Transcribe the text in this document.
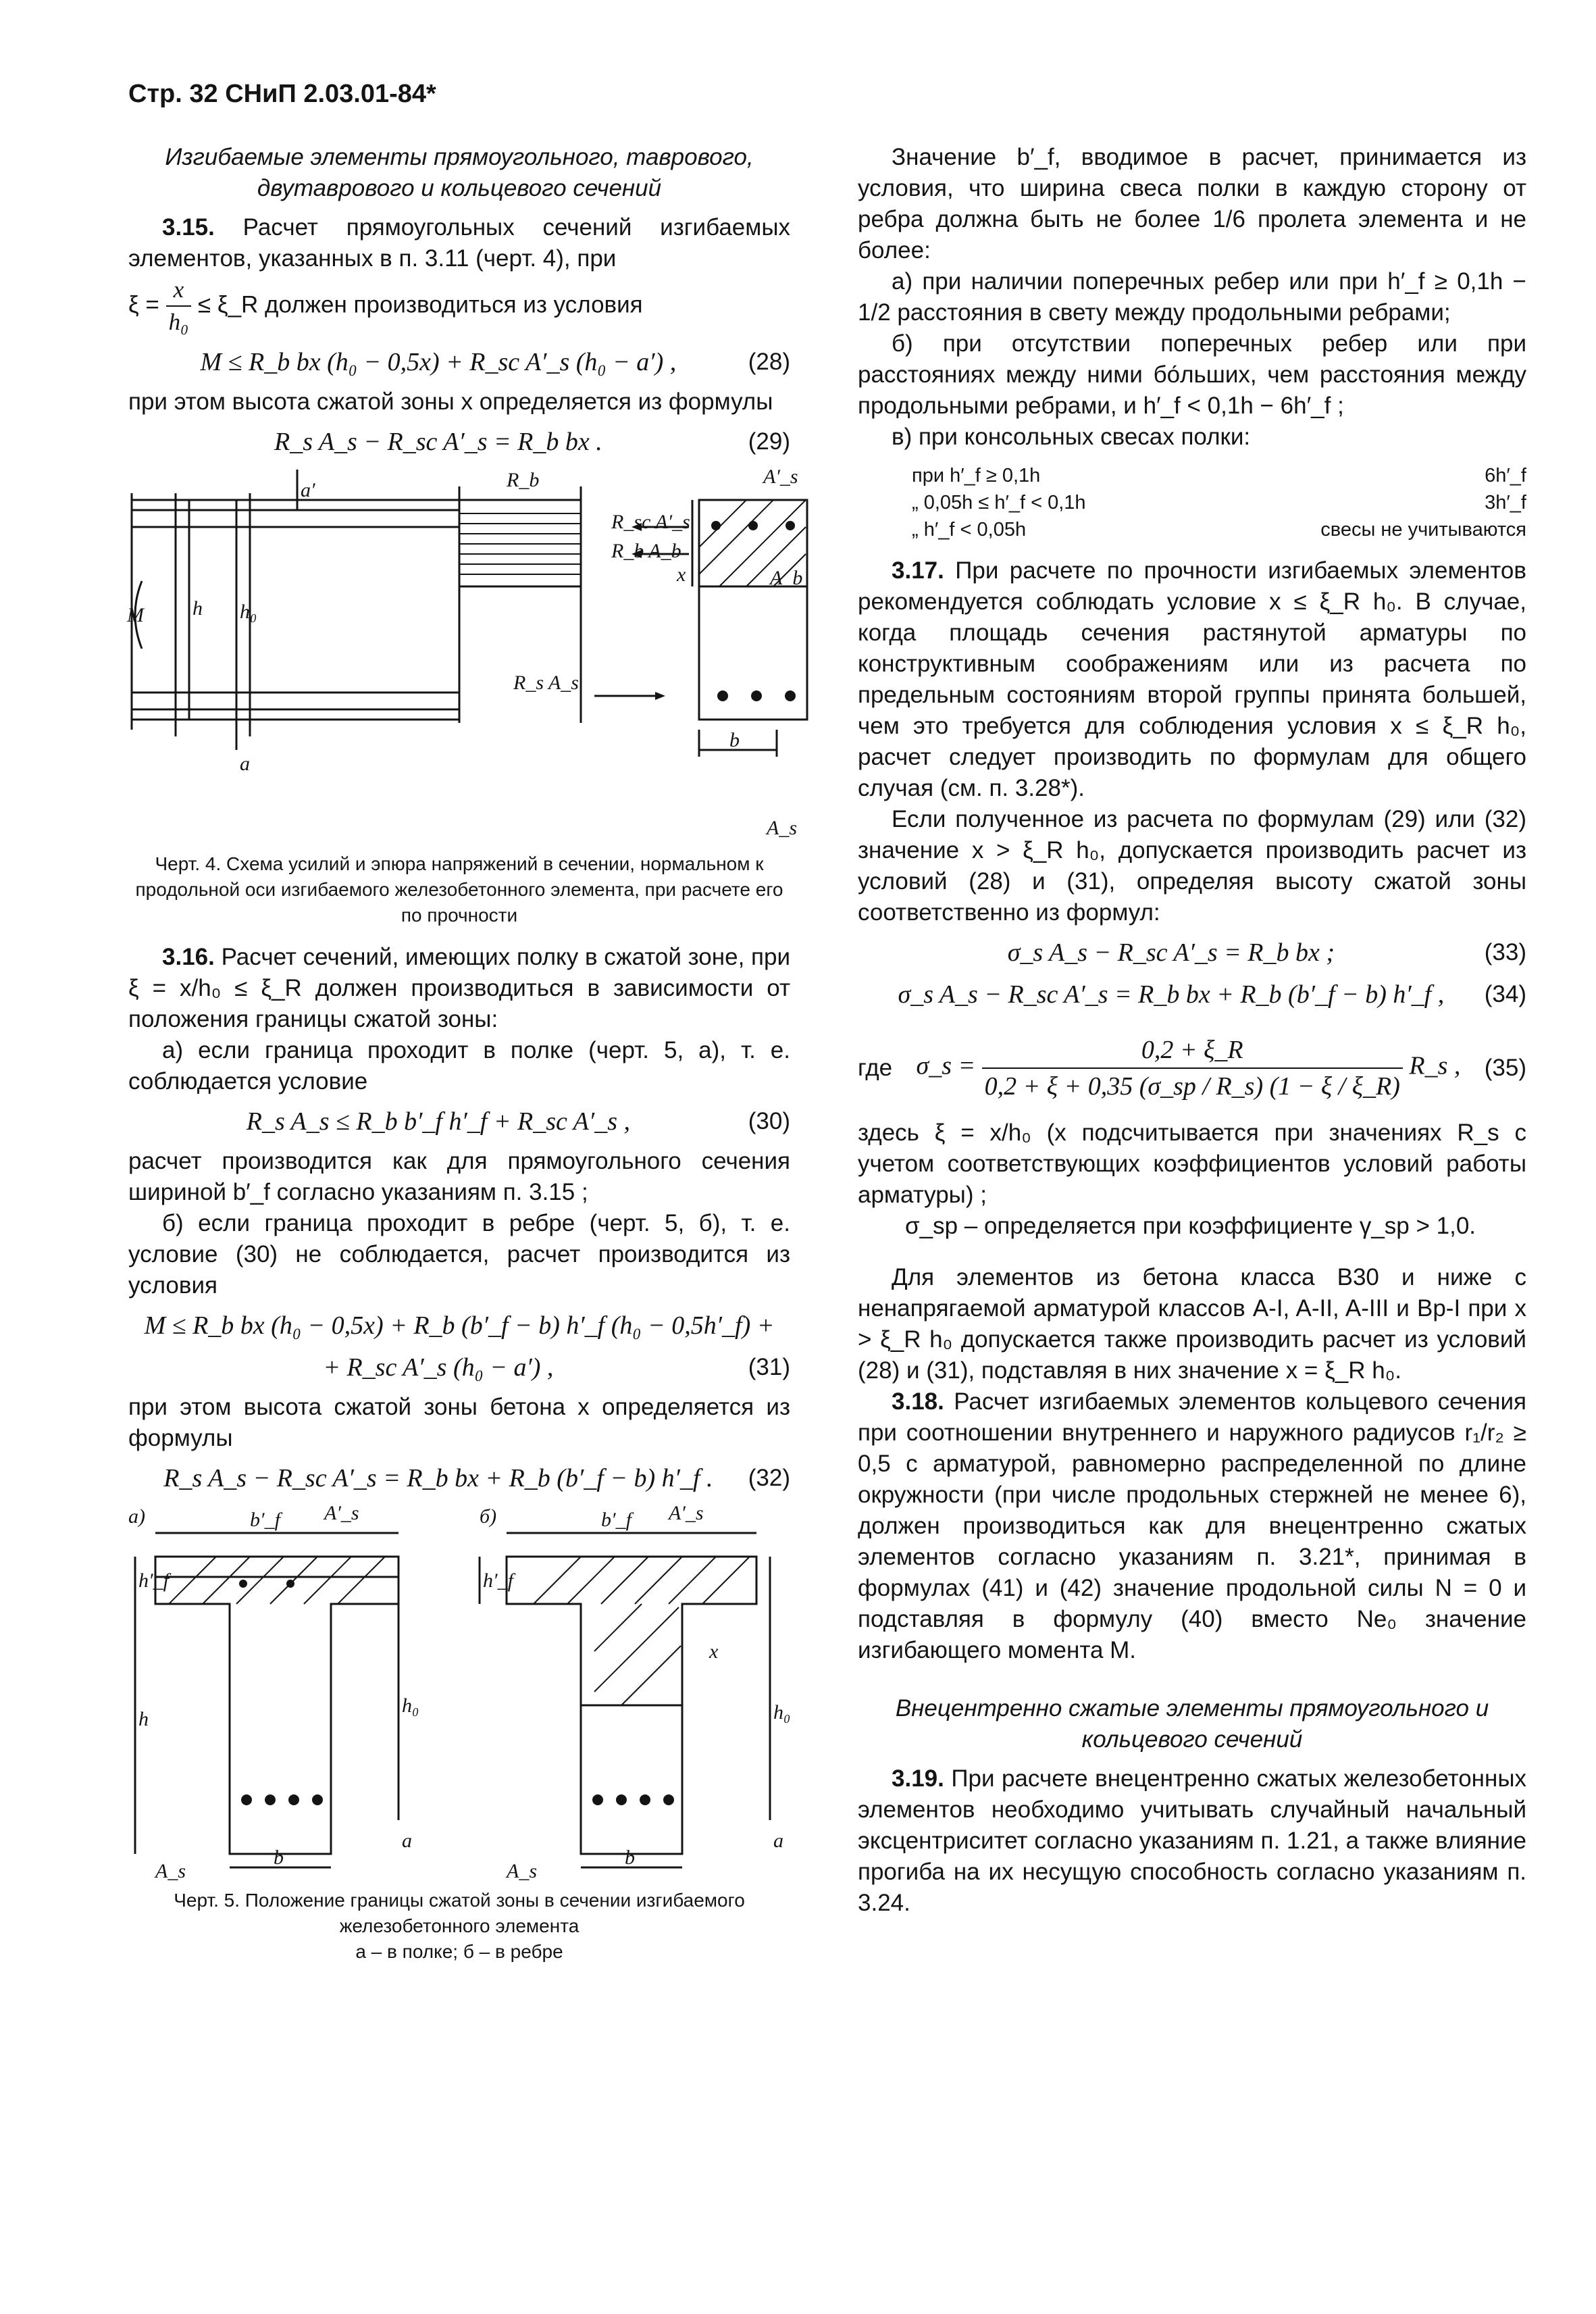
Стр. 32 СНиП 2.03.01-84*

Изгибаемые элементы прямоугольного, таврового, двутаврового и кольцевого сечений

3.15. Расчет прямоугольных сечений изгибаемых элементов, указанных в п. 3.11 (черт. 4), при

$\xi = \frac{x}{\text{h₀}}$ ≤ ξ_R должен производиться из условия

M ≤ R_b bx (h₀ − 0,5x) + R_sc A′_s (h₀ − a′) ,	(28)

при этом высота сжатой зоны x определяется из формулы

R_s A_s − R_sc A′_s = R_b bx .	(29)
M h h₀
a′
a
R_b
R_sc A′_s
R_b A_b
x
R_s A_s
A′_s
A_b
b
A_s

Черт. 4. Схема усилий и эпюра напряжений в сечении, нормальном к продольной оси изгибаемого железобетонного элемента, при расчете его по прочности

3.16. Расчет сечений, имеющих полку в сжатой зоне, при ξ = x/h₀ ≤ ξ_R должен производиться в зависимости от положения границы сжатой зоны:

а) если граница проходит в полке (черт. 5, а), т. е. соблюдается условие

R_s A_s ≤ R_b b′_f h′_f + R_sc A′_s ,	(30)

расчет производится как для прямоугольного сечения шириной b′_f согласно указаниям п. 3.15 ;

б) если граница проходит в ребре (черт. 5, б), т. е. условие (30) не соблюдается, расчет производится из условия

M ≤ R_b bx (h₀ − 0,5x) + R_b (b′_f − b) h′_f (h₀ − 0,5h′_f) +
+ R_sc A′_s (h₀ − a′) ,	(31)

при этом высота сжатой зоны бетона x определяется из формулы

R_s A_s − R_sc A′_s = R_b bx + R_b (b′_f − b) h′_f .	(32)
а)	б)
b′_f	b′_f
A′_s	A′_s
h′_f	h′_f
h
h₀	h₀
x
a	a
b	b
A_s	A_s

Черт. 5. Положение границы сжатой зоны в сечении изгибаемого железобетонного элемента
а – в полке; б – в ребре

Значение b′_f, вводимое в расчет, принимается из условия, что ширина свеса полки в каждую сторону от ребра должна быть не более 1/6 пролета элемента и не более:

а) при наличии поперечных ребер или при h′_f ≥ 0,1h − 1/2 расстояния в свету между продольными ребрами;

б) при отсутствии поперечных ребер или при расстояниях между ними бо́льших, чем расстояния между продольными ребрами, и h′_f < 0,1h − 6h′_f ;

в) при консольных свесах полки:

при h′_f ≥ 0,1h	6h′_f
„ 0,05h ≤ h′_f < 0,1h	3h′_f
„ h′_f < 0,05h	свесы не учитываются

3.17. При расчете по прочности изгибаемых элементов рекомендуется соблюдать условие x ≤ ξ_R h₀. В случае, когда площадь сечения растянутой арматуры по конструктивным соображениям или из расчета по предельным состояниям второй группы принята большей, чем это требуется для соблюдения условия x ≤ ξ_R h₀, расчет следует производить по формулам для общего случая (см. п. 3.28*).

Если полученное из расчета по формулам (29) или (32) значение x > ξ_R h₀, допускается производить расчет из условий (28) и (31), определяя высоту сжатой зоны соответственно из формул:

σ_s A_s − R_sc A′_s = R_b bx ;	(33)
σ_s A_s − R_sc A′_s = R_b bx + R_b (b′_f − b) h′_f ,	(34)
где σ_s = $\frac{0,2 + \xi\_R}{0,2 + \xi + 0,35 (\sigma\_sp / R\_s) (1 - \xi / \xi\_R)}$ R_s ,	(35)

здесь ξ = x/h₀ (x подсчитывается при значениях R_s с учетом соответствующих коэффициентов условий работы арматуры) ;

σ_sp – определяется при коэффициенте γ_sp > 1,0.

Для элементов из бетона класса В30 и ниже с ненапрягаемой арматурой классов A-I, A-II, A-III и Вр-I при x > ξ_R h₀ допускается также производить расчет из условий (28) и (31), подставляя в них значение x = ξ_R h₀.

3.18. Расчет изгибаемых элементов кольцевого сечения при соотношении внутреннего и наружного радиусов r₁/r₂ ≥ 0,5 с арматурой, равномерно распределенной по длине окружности (при числе продольных стержней не менее 6), должен производиться как для внецентренно сжатых элементов согласно указаниям п. 3.21*, принимая в формулах (41) и (42) значение продольной силы N = 0 и подставляя в формулу (40) вместо Ne₀ значение изгибающего момента M.

Внецентренно сжатые элементы прямоугольного и кольцевого сечений

3.19. При расчете внецентренно сжатых железобетонных элементов необходимо учитывать случайный начальный эксцентриситет согласно указаниям п. 1.21, а также влияние прогиба на их несущую способность согласно указаниям п. 3.24.
